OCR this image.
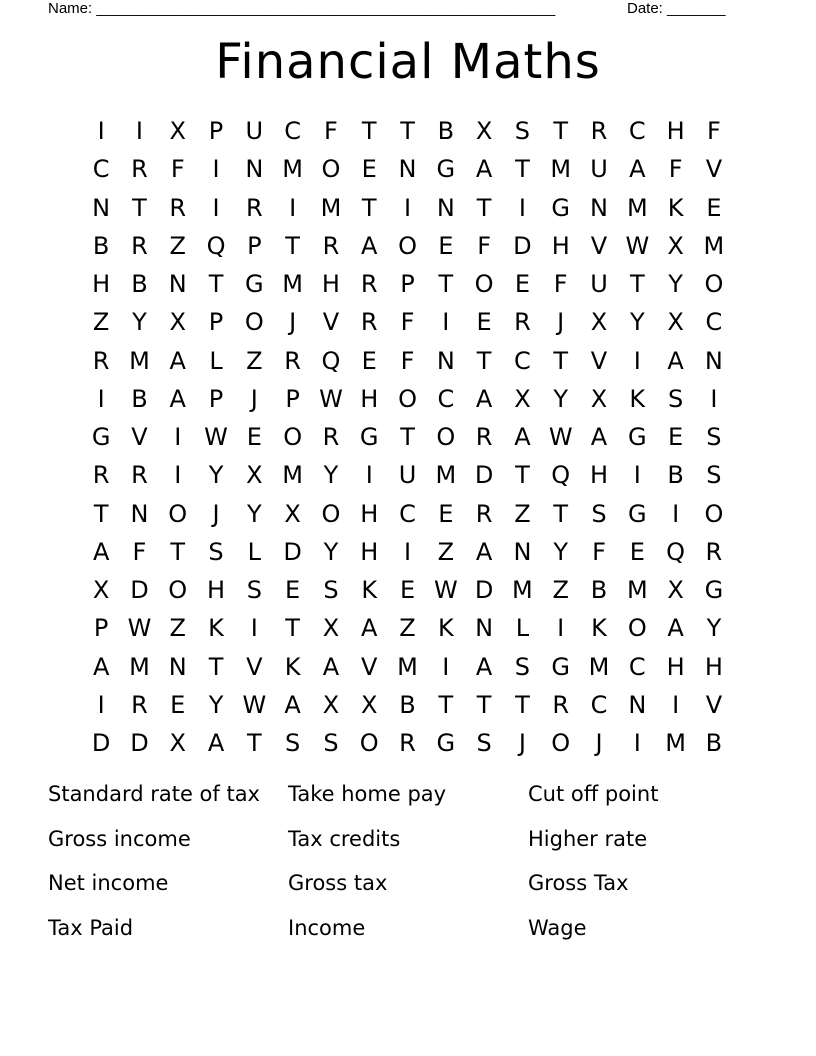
Name: _______________________________________________________	Date: _______
Financial Maths
I	I	X P U C F	T T B X S T R C H F
C R F	I	N M O E N G A T M U A F V
N T R	I	R	I	M T	I	N T	I	G N M K E
B R Z Q P T R A O E F D H V W X M
H B N T G M H R P T O E F U T Y O
Z Y X P O	J	V R F	I	E R	J	X Y X C
R M A L Z R Q E F N T C T V	I	A N
I	B A P	J	P W H O C A X Y X K S	I
G V	I W E O R G T O R A W A G E S
R R	I	Y X M Y	I	U M D T Q H	I	B S
T N O	J	Y X O H C E R Z T S G	I	O
A F	T S L D Y H	I	Z A N Y	F E Q R
X D O H S E S K E W D M Z B M X G
P W Z K	I	T X A Z K N L	I	K O A Y
A M N T V K A V M	I	A S G M C H H
I	R E Y W A X X B T T T R C N	I	V
D D X A T S S O R G S	J	O	J	I	M B
Standard rate of tax	Take home pay	Cut off point
Gross income	Tax credits	Higher rate
Net income	Gross tax	Gross Tax
Tax Paid	Income	Wage
